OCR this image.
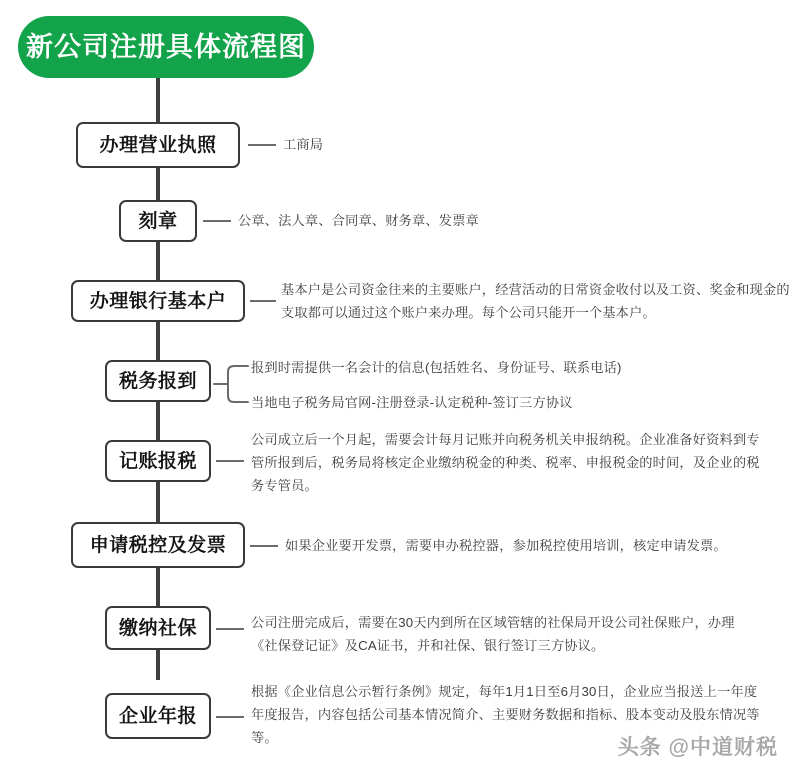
新公司注册具体流程图
办理营业执照	工商局
刻章	公章、法人章、合同章、财务章、发票章
办理银行基本户
基本户是公司资金往来的主要账户，经营活动的日常资金收付以及工资、奖金和现金的
支取都可以通过这个账户来办理。每个公司只能开一个基本户。
税务报到
报到时需提供一名会计的信息(包括姓名、身份证号、联系电话)
当地电子税务局官网-注册登录-认定税种-签订三方协议
记账报税
公司成立后一个月起，需要会计每月记账并向税务机关申报纳税。企业准备好资料到专
管所报到后，税务局将核定企业缴纳税金的种类、税率、申报税金的时间，及企业的税
务专管员。
申请税控及发票	如果企业要开发票，需要申办税控器，参加税控使用培训，核定申请发票。
缴纳社保	公司注册完成后，需要在30天内到所在区域管辖的社保局开设公司社保账户，办理
《社保登记证》及CA证书，并和社保、银行签订三方协议。
企业年报
根据《企业信息公示暂行条例》规定，每年1月1日至6月30日，企业应当报送上一年度
年度报告，内容包括公司基本情况简介、主要财务数据和指标、股本变动及股东情况等
等。	头条 @中道财税
